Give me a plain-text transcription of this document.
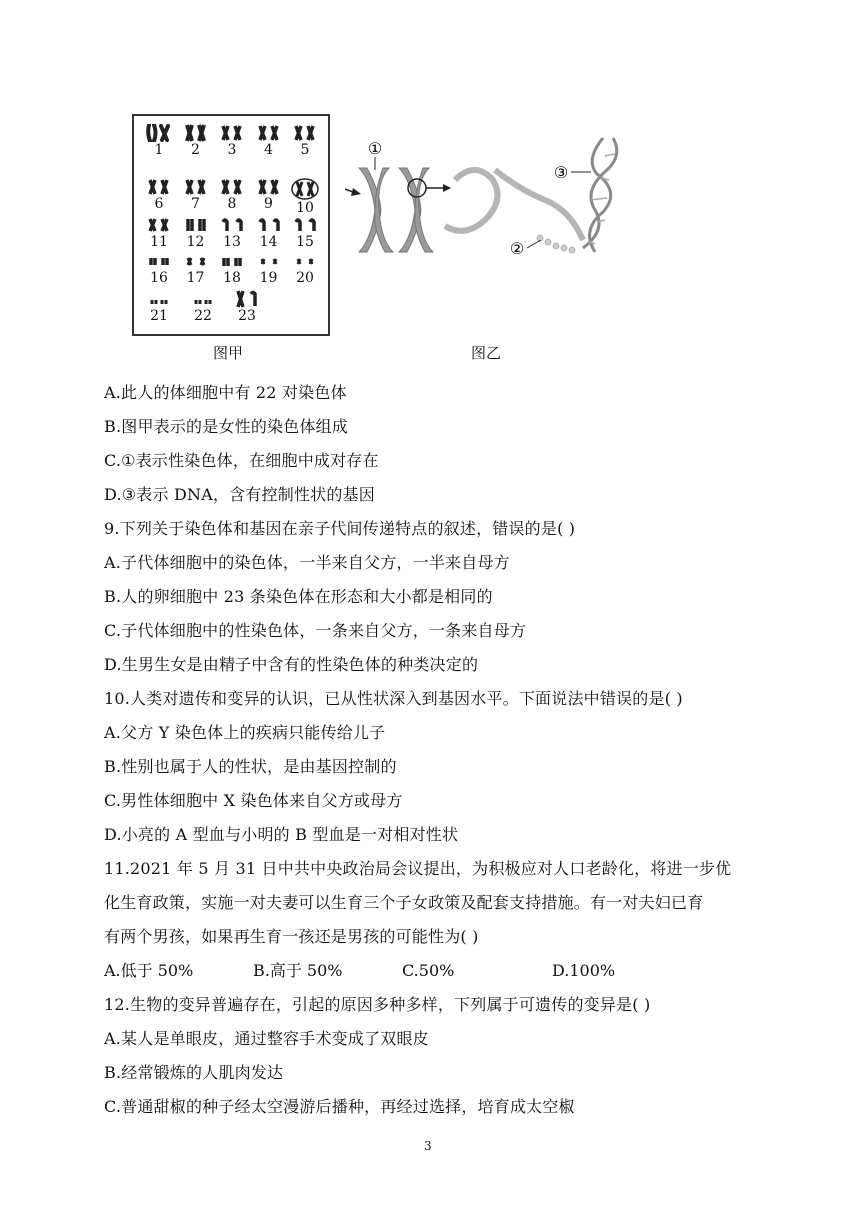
1	2	3	4	5
6	7	8	9	10
11	12	13	14	15
16	17	18	19	20
21	22	23
①
③
②
图甲	图乙
A.此人的体细胞中有 22 对染色体
B.图甲表示的是女性的染色体组成
C.①表示性染色体，在细胞中成对存在
D.③表示 DNA，含有控制性状的基因
9.下列关于染色体和基因在亲子代间传递特点的叙述，错误的是( )
A.子代体细胞中的染色体，一半来自父方，一半来自母方
B.人的卵细胞中 23 条染色体在形态和大小都是相同的
C.子代体细胞中的性染色体，一条来自父方，一条来自母方
D.生男生女是由精子中含有的性染色体的种类决定的
10.人类对遗传和变异的认识，已从性状深入到基因水平。下面说法中错误的是( )
A.父方 Y 染色体上的疾病只能传给儿子
B.性别也属于人的性状，是由基因控制的
C.男性体细胞中 X 染色体来自父方或母方
D.小亮的 A 型血与小明的 B 型血是一对相对性状
11.2021 年 5 月 31 日中共中央政治局会议提出，为积极应对人口老龄化，将进一步优
化生育政策，实施一对夫妻可以生育三个子女政策及配套支持措施。有一对夫妇已育
有两个男孩，如果再生育一孩还是男孩的可能性为( )
A.低于 50%	B.高于 50%	C.50%	D.100%
12.生物的变异普遍存在，引起的原因多种多样，下列属于可遗传的变异是( )
A.某人是单眼皮，通过整容手术变成了双眼皮
B.经常锻炼的人肌肉发达
C.普通甜椒的种子经太空漫游后播种，再经过选择，培育成太空椒
3
